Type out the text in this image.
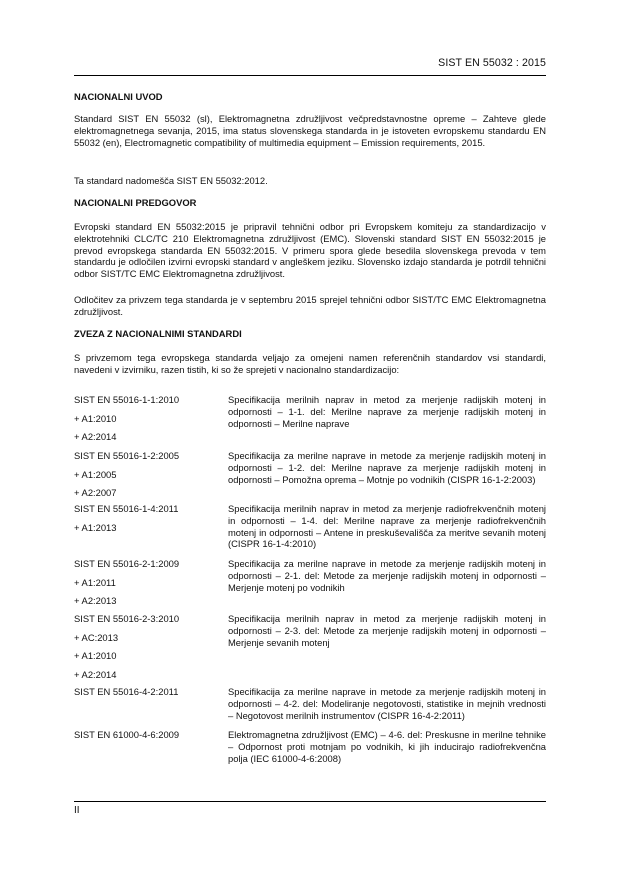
SIST EN 55032 : 2015
NACIONALNI UVOD

Standard SIST EN 55032 (sl), Elektromagnetna združljivost večpredstavnostne opreme – Zahteve glede elektromagnetnega sevanja, 2015, ima status slovenskega standarda in je istoveten evropskemu standardu EN 55032 (en), Electromagnetic compatibility of multimedia equipment – Emission requirements, 2015.

Ta standard nadomešča SIST EN 55032:2012.

NACIONALNI PREDGOVOR

Evropski standard EN 55032:2015 je pripravil tehnični odbor pri Evropskem komiteju za standardizacijo v elektrotehniki CLC/TC 210 Elektromagnetna združljivost (EMC). Slovenski standard SIST EN 55032:2015 je prevod evropskega standarda EN 55032:2015. V primeru spora glede besedila slovenskega prevoda v tem standardu je odločilen izvirni evropski standard v angleškem jeziku. Slovensko izdajo standarda je potrdil tehnični odbor SIST/TC EMC Elektromagnetna združljivost.

Odločitev za privzem tega standarda je v septembru 2015 sprejel tehnični odbor SIST/TC EMC Elektromagnetna združljivost.

ZVEZA Z NACIONALNIMI STANDARDI

S privzemom tega evropskega standarda veljajo za omejeni namen referenčnih standardov vsi standardi, navedeni v izvirniku, razen tistih, ki so že sprejeti v nacionalno standardizacijo:

SIST EN 55016-1-1:2010
+ A1:2010
+ A2:2014

Specifikacija merilnih naprav in metod za merjenje radijskih motenj in odpornosti – 1-1. del: Merilne naprave za merjenje radijskih motenj in odpornosti – Merilne naprave

SIST EN 55016-1-2:2005
+ A1:2005
+ A2:2007

Specifikacija za merilne naprave in metode za merjenje radijskih motenj in odpornosti – 1-2. del: Merilne naprave za merjenje radijskih motenj in odpornosti – Pomožna oprema – Motnje po vodnikih (CISPR 16-1-2:2003)

SIST EN 55016-1-4:2011
+ A1:2013

Specifikacija merilnih naprav in metod za merjenje radiofrekvenčnih motenj in odpornosti – 1-4. del: Merilne naprave za merjenje radiofrekvenčnih motenj in odpornosti – Antene in preskuševališča za meritve sevanih motenj (CISPR 16-1-4:2010)

SIST EN 55016-2-1:2009
+ A1:2011
+ A2:2013

Specifikacija za merilne naprave in metode za merjenje radijskih motenj in odpornosti – 2-1. del: Metode za merjenje radijskih motenj in odpornosti – Merjenje motenj po vodnikih

SIST EN 55016-2-3:2010
+ AC:2013
+ A1:2010
+ A2:2014

Specifikacija merilnih naprav in metod za merjenje radijskih motenj in odpornosti – 2-3. del: Metode za merjenje radijskih motenj in odpornosti – Merjenje sevanih motenj

SIST EN 55016-4-2:2011	Specifikacija za merilne naprave in metode za merjenje radijskih motenj in odpornosti – 4-2. del: Modeliranje negotovosti, statistike in mejnih vrednosti – Negotovost merilnih instrumentov (CISPR 16-4-2:2011)

SIST EN 61000-4-6:2009	Elektromagnetna združljivost (EMC) – 4-6. del: Preskusne in merilne tehnike – Odpornost proti motnjam po vodnikih, ki jih inducirajo radiofrekvenčna polja (IEC 61000-4-6:2008)

II
